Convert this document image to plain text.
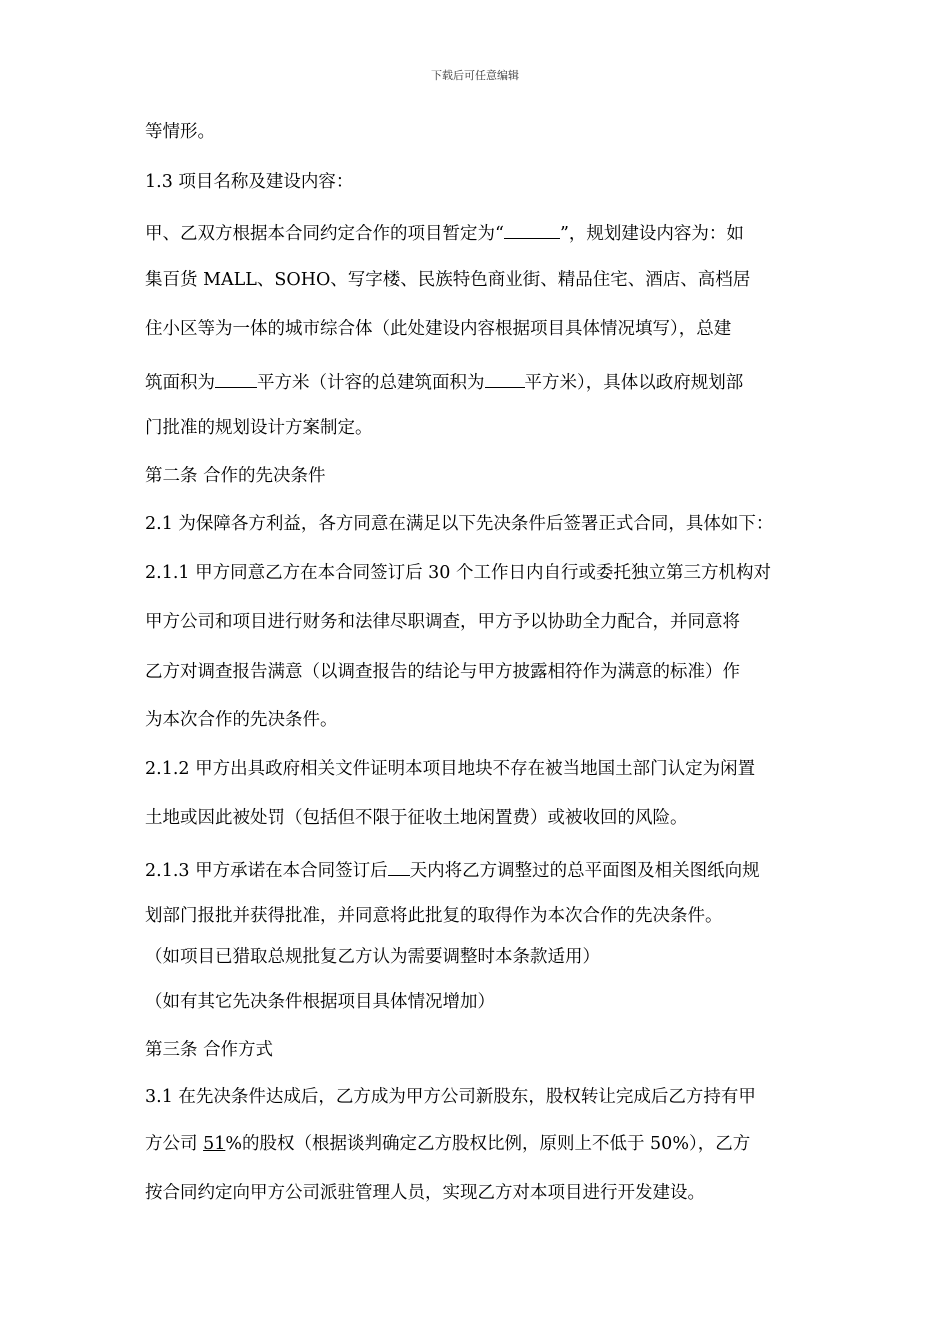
下载后可任意编辑
等情形。
1.3 项目名称及建设内容：
甲、乙双方根据本合同约定合作的项目暂定为“	”，规划建设内容为：如
集百货 MALL、SOHO、写字楼、民族特色商业街、精品住宅、酒店、高档居
住小区等为一体的城市综合体（此处建设内容根据项目具体情况填写），总建
筑面积为 平方米（计容的总建筑面积为 平方米），具体以政府规划部
门批准的规划设计方案制定。
第二条 合作的先决条件
2.1 为保障各方利益，各方同意在满足以下先决条件后签署正式合同，具体如下：
2.1.1 甲方同意乙方在本合同签订后 30 个工作日内自行或委托独立第三方机构对
甲方公司和项目进行财务和法律尽职调查，甲方予以协助全力配合，并同意将
乙方对调查报告满意（以调查报告的结论与甲方披露相符作为满意的标准）作
为本次合作的先决条件。
2.1.2 甲方出具政府相关文件证明本项目地块不存在被当地国土部门认定为闲置
土地或因此被处罚（包括但不限于征收土地闲置费）或被收回的风险。
2.1.3 甲方承诺在本合同签订后 天内将乙方调整过的总平面图及相关图纸向规
划部门报批并获得批准，并同意将此批复的取得作为本次合作的先决条件。
（如项目已猎取总规批复乙方认为需要调整时本条款适用）
（如有其它先决条件根据项目具体情况增加）
第三条 合作方式
3.1 在先决条件达成后，乙方成为甲方公司新股东，股权转让完成后乙方持有甲
方公司 51%的股权（根据谈判确定乙方股权比例，原则上不低于 50%），乙方
按合同约定向甲方公司派驻管理人员，实现乙方对本项目进行开发建设。
